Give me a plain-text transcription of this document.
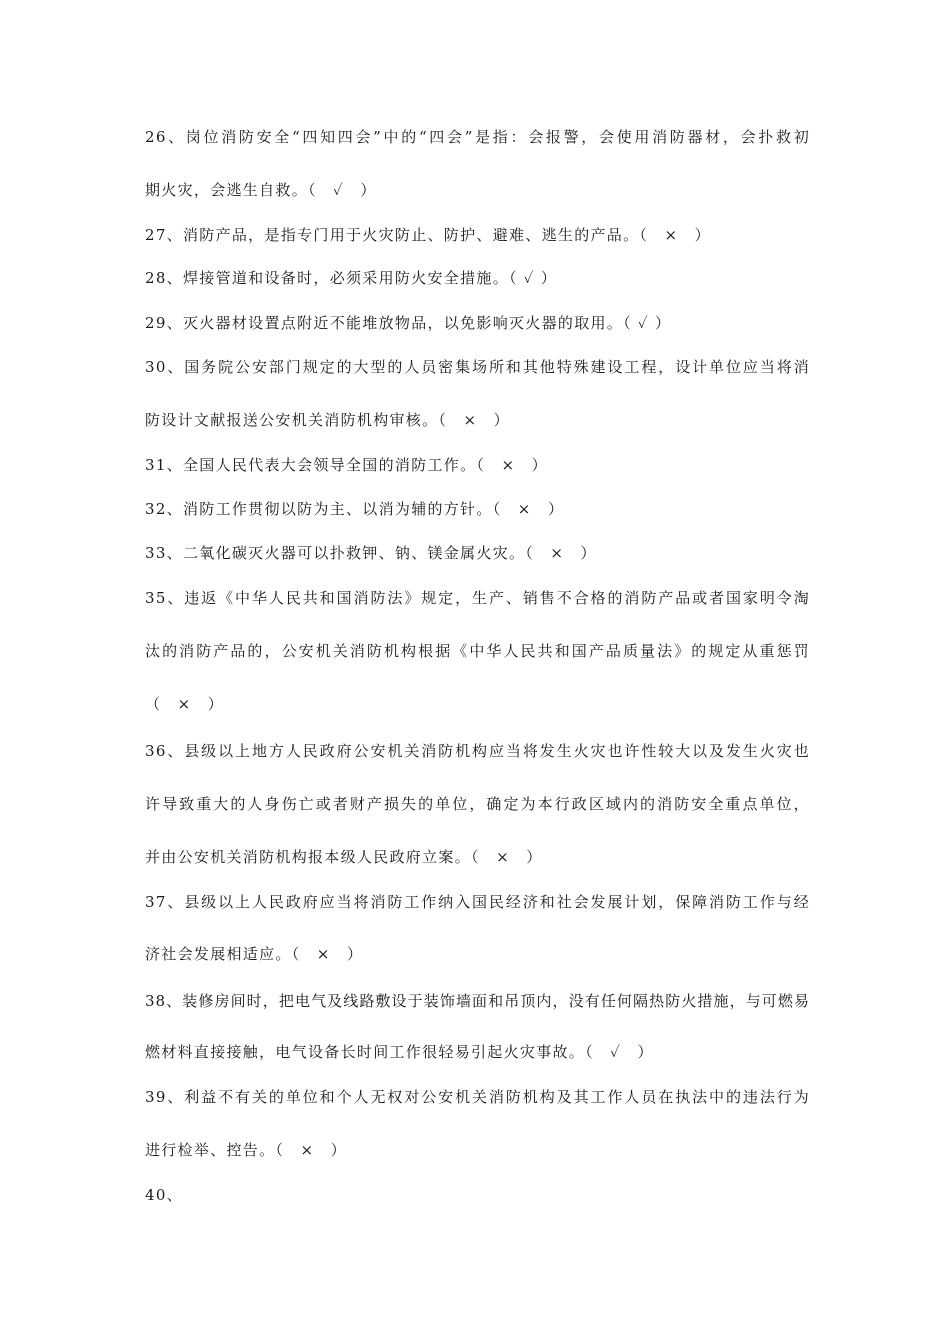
26、岗位消防安全“四知四会”中的“四会”是指：会报警，会使用消防器材，会扑救初
期火灾，会逃生自救。（　✓　）
27、消防产品，是指专门用于火灾防止、防护、避难、逃生的产品。（　×　）
28、焊接管道和设备时，必须采用防火安全措施。（ ✓ ）
29、灭火器材设置点附近不能堆放物品，以免影响灭火器的取用。（ ✓ ）
30、国务院公安部门规定的大型的人员密集场所和其他特殊建设工程，设计单位应当将消
防设计文献报送公安机关消防机构审核。（　×　）
31、全国人民代表大会领导全国的消防工作。（　×　）
32、消防工作贯彻以防为主、以消为辅的方针。（　×　）
33、二氧化碳灭火器可以扑救钾、钠、镁金属火灾。（　×　）
35、违返《中华人民共和国消防法》规定，生产、销售不合格的消防产品或者国家明令淘
汰的消防产品的，公安机关消防机构根据《中华人民共和国产品质量法》的规定从重惩罚
（　×　）
36、县级以上地方人民政府公安机关消防机构应当将发生火灾也许性较大以及发生火灾也
许导致重大的人身伤亡或者财产损失的单位，确定为本行政区域内的消防安全重点单位，
并由公安机关消防机构报本级人民政府立案。（　×　）
37、县级以上人民政府应当将消防工作纳入国民经济和社会发展计划，保障消防工作与经
济社会发展相适应。（　×　）
38、装修房间时，把电气及线路敷设于装饰墙面和吊顶内，没有任何隔热防火措施，与可燃易
燃材料直接接触，电气设备长时间工作很轻易引起火灾事故。（　✓　）
39、利益不有关的单位和个人无权对公安机关消防机构及其工作人员在执法中的违法行为
进行检举、控告。（　×　）
40、
